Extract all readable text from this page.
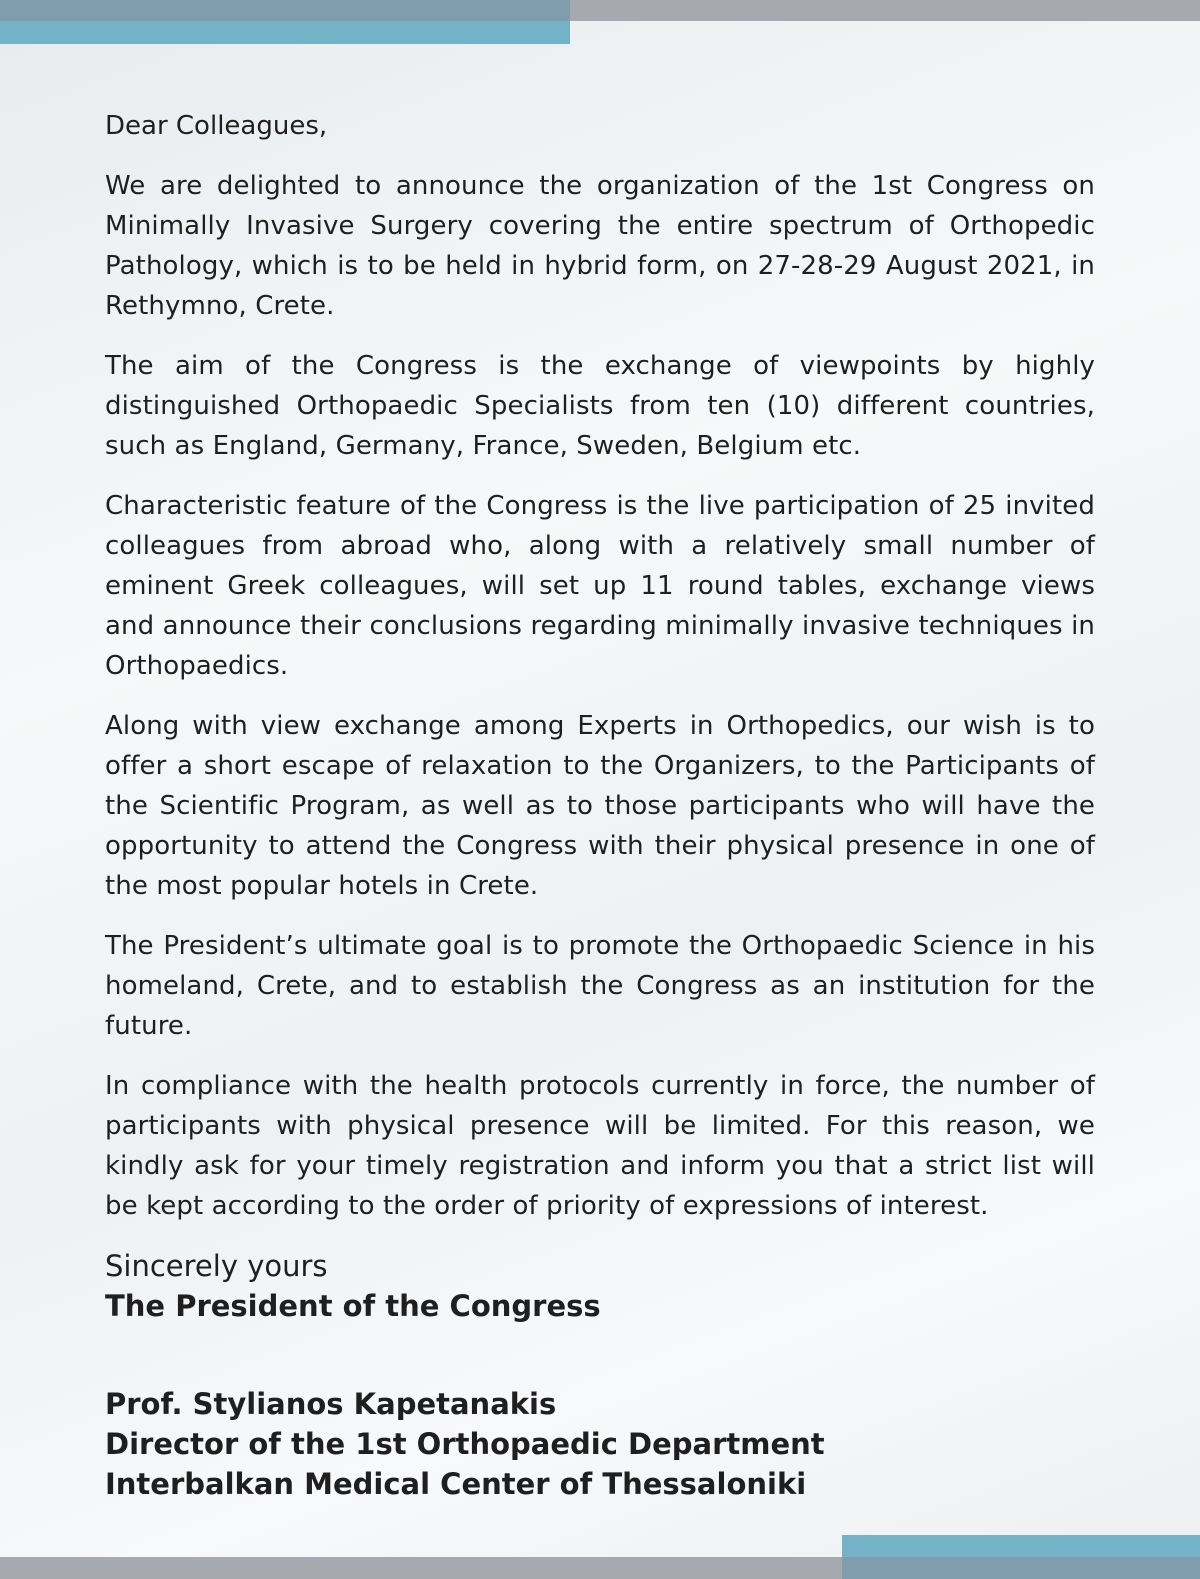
Dear Colleagues,

We are delighted to announce the organization of the 1st Congress on Minimally Invasive Surgery covering the entire spectrum of Orthopedic Pathology, which is to be held in hybrid form, on 27-28-29 August 2021, in Rethymno, Crete.

The aim of the Congress is the exchange of viewpoints by highly distinguished Orthopaedic Specialists from ten (10) different countries, such as England, Germany, France, Sweden, Belgium etc.

Characteristic feature of the Congress is the live participation of 25 invited colleagues from abroad who, along with a relatively small number of eminent Greek colleagues, will set up 11 round tables, exchange views and announce their conclusions regarding minimally invasive techniques in Orthopaedics.

Along with view exchange among Experts in Orthopedics, our wish is to offer a short escape of relaxation to the Organizers, to the Participants of the Scientific Program, as well as to those participants who will have the opportunity to attend the Congress with their physical presence in one of the most popular hotels in Crete.

The President’s ultimate goal is to promote the Orthopaedic Science in his homeland, Crete, and to establish the Congress as an institution for the future.

In compliance with the health protocols currently in force, the number of participants with physical presence will be limited. For this reason, we kindly ask for your timely registration and inform you that a strict list will be kept according to the order of priority of expressions of interest.

Sincerely yours

The President of the Congress

Prof. Stylianos Kapetanakis

Director of the 1st Orthopaedic Department

Interbalkan Medical Center of Thessaloniki
